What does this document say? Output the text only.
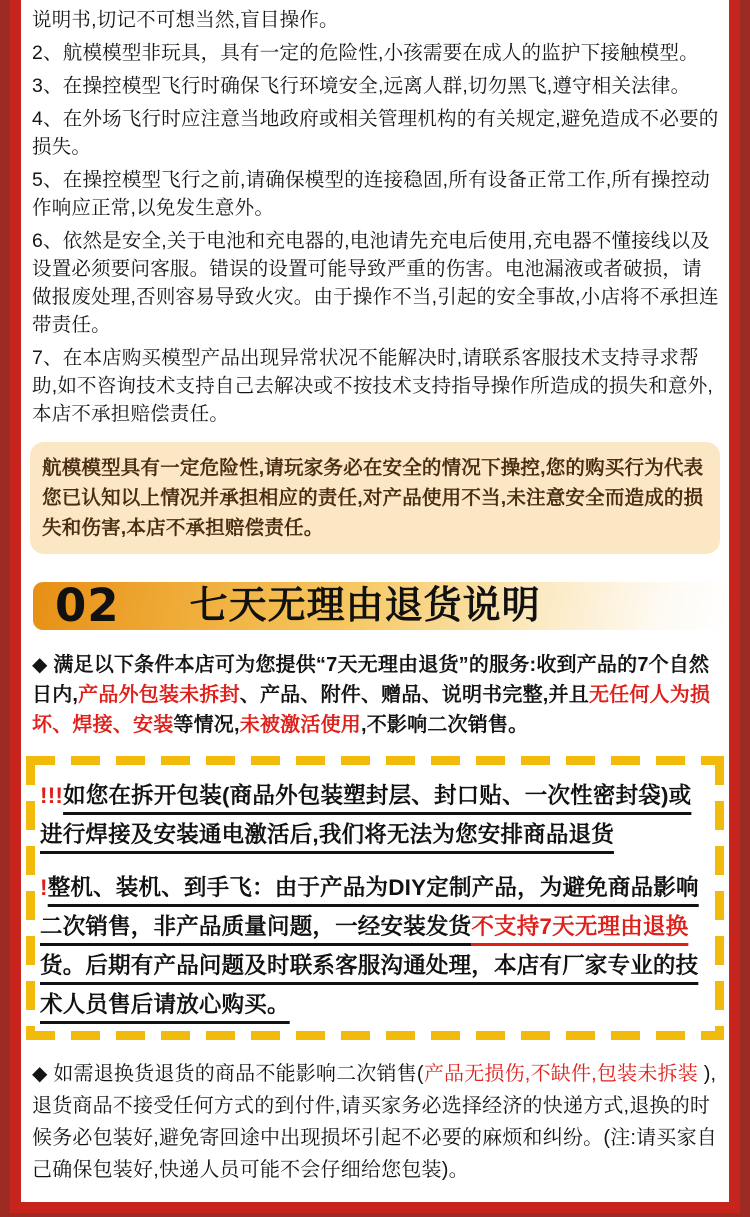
说明书,切记不可想当然,盲目操作。

2、航模模型非玩具，具有一定的危险性,小孩需要在成人的监护下接触模型。

3、在操控模型飞行时确保飞行环境安全,远离人群,切勿黑飞,遵守相关法律。

4、在外场飞行时应注意当地政府或相关管理机构的有关规定,避免造成不必要的损失。

5、在操控模型飞行之前,请确保模型的连接稳固,所有设备正常工作,所有操控动作响应正常,以免发生意外。

6、依然是安全,关于电池和充电器的,电池请先充电后使用,充电器不懂接线以及设置必须要问客服。错误的设置可能导致严重的伤害。电池漏液或者破损，请做报废处理,否则容易导致火灾。由于操作不当,引起的安全事故,小店将不承担连带责任。

7、在本店购买模型产品出现异常状况不能解决时,请联系客服技术支持寻求帮助,如不咨询技术支持自己去解决或不按技术支持指导操作所造成的损失和意外,本店不承担赔偿责任。

航模模型具有一定危险性,请玩家务必在安全的情况下操控,您的购买行为代表您已认知以上情况并承担相应的责任,对产品使用不当,未注意安全而造成的损失和伤害,本店不承担赔偿责任。
02 七天无理由退货说明

◆ 满足以下条件本店可为您提供“7天无理由退货”的服务:收到产品的7个自然日内,产品外包装未拆封、产品、附件、赠品、说明书完整,并且无任何人为损坏、焊接、安装等情况,未被激活使用,不影响二次销售。

!!!如您在拆开包装(商品外包装塑封层、封口贴、一次性密封袋)或进行焊接及安装通电激活后,我们将无法为您安排商品退货

!整机、装机、到手飞：由于产品为DIY定制产品，为避免商品影响二次销售，非产品质量问题，一经安装发货不支持7天无理由退换货。后期有产品问题及时联系客服沟通处理，本店有厂家专业的技术人员售后请放心购买。

◆ 如需退换货退货的商品不能影响二次销售(产品无损伤,不缺件,包装未拆装 ),退货商品不接受任何方式的到付件,请买家务必选择经济的快递方式,退换的时候务必包装好,避免寄回途中出现损坏引起不必要的麻烦和纠纷。(注:请买家自己确保包装好,快递人员可能不会仔细给您包装)。
